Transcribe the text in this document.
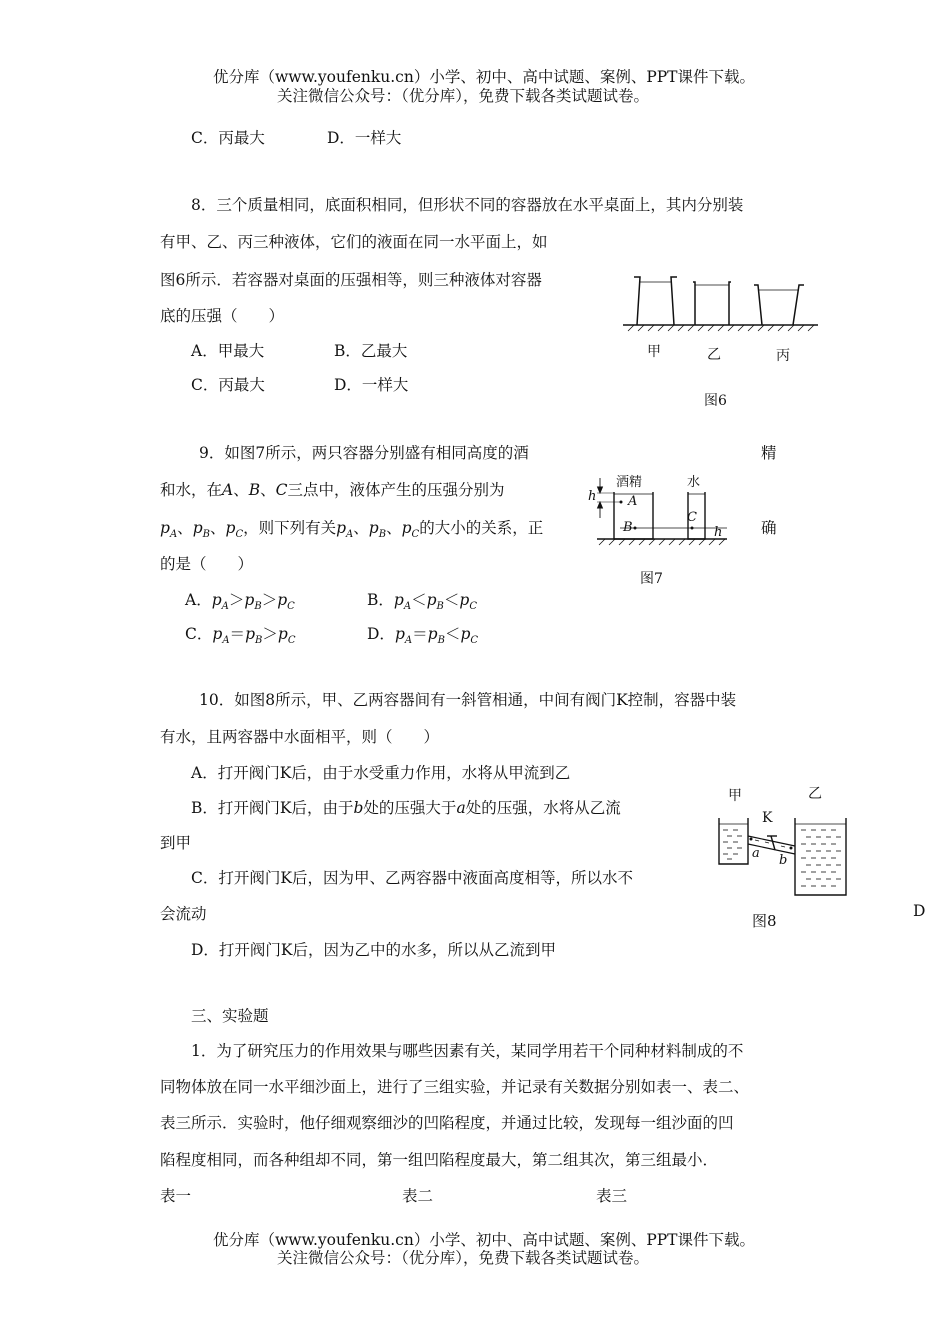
优分库（www.youfenku.cn）小学、初中、高中试题、案例、PPT课件下载。
关注微信公众号：（优分库），免费下载各类试题试卷。
C．丙最大	D．一样大
8．三个质量相同，底面积相同，但形状不同的容器放在水平桌面上，其内分别装
有甲、乙、丙三种液体，它们的液面在同一水平面上，如
图6所示．若容器对桌面的压强相等，则三种液体对容器
底的压强（　　）
A．甲最大	B．乙最大
C．丙最大	D．一样大
甲	乙	丙
图6
9．如图7所示，两只容器分别盛有相同高度的酒	精
和水，在A、B、C三点中，液体产生的压强分别为
$p_A$、$p_B$、$p_C$，则下列有关$p_A$、$p_B$、$p_C$的大小的关系，正	确
的是（　　）
A．$p_A>p_B>p_C$	B．$p_A<p_B<p_C$
C．$p_A=p_B>p_C$	D．$p_A=p_B<p_C$
酒精	水
h A
B
C
h
图7
10．如图8所示，甲、乙两容器间有一斜管相通，中间有阀门K控制，容器中装
有水，且两容器中水面相平，则（　　）
A．打开阀门K后，由于水受重力作用，水将从甲流到乙
B．打开阀门K后，由于b处的压强大于a处的压强，水将从乙流
到甲
C．打开阀门K后，因为甲、乙两容器中液面高度相等，所以水不
会流动
D．打开阀门K后，因为乙中的水多，所以从乙流到甲
D
甲	乙
K
a b
图8
三、实验题
1．为了研究压力的作用效果与哪些因素有关，某同学用若干个同种材料制成的不
同物体放在同一水平细沙面上，进行了三组实验，并记录有关数据分别如表一、表二、
表三所示．实验时，他仔细观察细沙的凹陷程度，并通过比较，发现每一组沙面的凹
陷程度相同，而各种组却不同，第一组凹陷程度最大，第二组其次，第三组最小．
表一	表二	表三
优分库（www.youfenku.cn）小学、初中、高中试题、案例、PPT课件下载。
关注微信公众号：（优分库），免费下载各类试题试卷。
